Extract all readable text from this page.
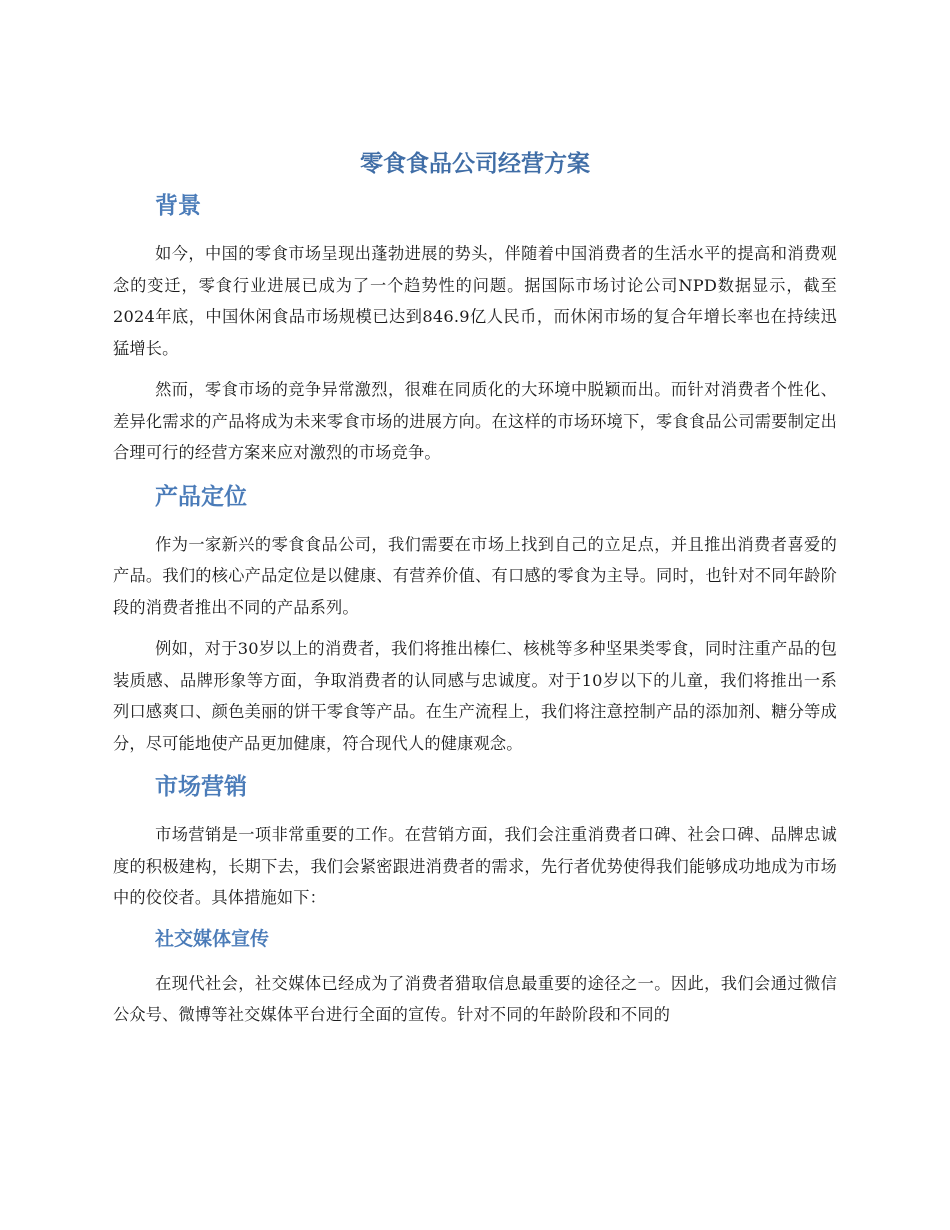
零食食品公司经营方案
背景

如今，中国的零食市场呈现出蓬勃进展的势头，伴随着中国消费者的生活水平的提高和消费观念的变迁，零食行业进展已成为了一个趋势性的问题。据国际市场讨论公司NPD数据显示，截至2024年底，中国休闲食品市场规模已达到846.9亿人民币，而休闲市场的复合年增长率也在持续迅猛增长。

然而，零食市场的竞争异常激烈，很难在同质化的大环境中脱颖而出。而针对消费者个性化、差异化需求的产品将成为未来零食市场的进展方向。在这样的市场环境下，零食食品公司需要制定出合理可行的经营方案来应对激烈的市场竞争。

产品定位

作为一家新兴的零食食品公司，我们需要在市场上找到自己的立足点，并且推出消费者喜爱的产品。我们的核心产品定位是以健康、有营养价值、有口感的零食为主导。同时，也针对不同年龄阶段的消费者推出不同的产品系列。

例如，对于30岁以上的消费者，我们将推出榛仁、核桃等多种坚果类零食，同时注重产品的包装质感、品牌形象等方面，争取消费者的认同感与忠诚度。对于10岁以下的儿童，我们将推出一系列口感爽口、颜色美丽的饼干零食等产品。在生产流程上，我们将注意控制产品的添加剂、糖分等成分，尽可能地使产品更加健康，符合现代人的健康观念。

市场营销

市场营销是一项非常重要的工作。在营销方面，我们会注重消费者口碑、社会口碑、品牌忠诚度的积极建构，长期下去，我们会紧密跟进消费者的需求，先行者优势使得我们能够成功地成为市场中的佼佼者。具体措施如下：

社交媒体宣传

在现代社会，社交媒体已经成为了消费者猎取信息最重要的途径之一。因此，我们会通过微信公众号、微博等社交媒体平台进行全面的宣传。针对不同的年龄阶段和不同的
